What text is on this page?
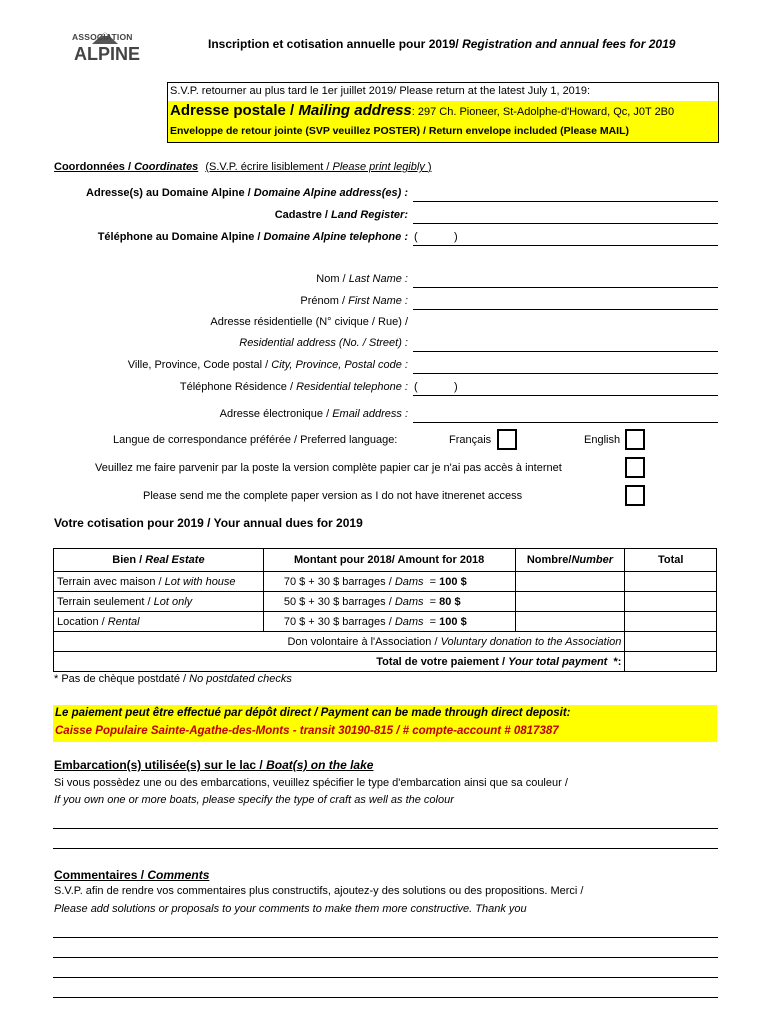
ASSOCIATION
ALPINE	Inscription et cotisation annuelle pour 2019/ Registration and annual fees for 2019
S.V.P. retourner au plus tard le 1er juillet 2019/ Please return at the latest July 1, 2019:
Adresse postale / Mailing address: 297 Ch. Pioneer, St-Adolphe-d'Howard, Qc, J0T 2B0
Enveloppe de retour jointe (SVP veuillez POSTER) / Return envelope included (Please MAIL)
Coordonnées / Coordinates (S.V.P. écrire lisiblement / Please print legibly )
Adresse(s) au Domaine Alpine / Domaine Alpine address(es) :
Cadastre / Land Register:
Téléphone au Domaine Alpine / Domaine Alpine telephone : (	)
Nom / Last Name :
Prénom / First Name :
Adresse résidentielle (N° civique / Rue) /
Residential address (No. / Street) :
Ville, Province, Code postal / City, Province, Postal code :
Téléphone Résidence / Residential telephone : (	)
Adresse électronique / Email address :
Langue de correspondance préférée / Preferred language:	Français	English
Veuillez me faire parvenir par la poste la version complète papier car je n'ai pas accès à internet
Please send me the complete paper version as I do not have itnerenet access
Votre cotisation pour 2019 / Your annual dues for 2019
Bien / Real Estate	Montant pour 2018/ Amount for 2018	Nombre/Number	Total
Terrain avec maison / Lot with house	70 $ + 30 $ barrages / Dams  = 100 $		
Terrain seulement / Lot only	50 $ + 30 $ barrages / Dams  = 80 $		
Location / Rental	70 $ + 30 $ barrages / Dams  = 100 $		
Don volontaire à l'Association / Voluntary donation to the Association			
Total de votre paiement / Your total payment  *:			
* Pas de chèque postdaté / No postdated checks
Le paiement peut être effectué par dépôt direct / Payment can be made through direct deposit:
Caisse Populaire Sainte-Agathe-des-Monts - transit 30190-815 / # compte-account # 0817387
Embarcation(s) utilisée(s) sur le lac / Boat(s) on the lake
Si vous possèdez une ou des embarcations, veuillez spécifier le type d'embarcation ainsi que sa couleur /
If you own one or more boats, please specify the type of craft as well as the colour
Commentaires / Comments
S.V.P. afin de rendre vos commentaires plus constructifs, ajoutez-y des solutions ou des propositions. Merci /
Please add solutions or proposals to your comments to make them more constructive. Thank you
